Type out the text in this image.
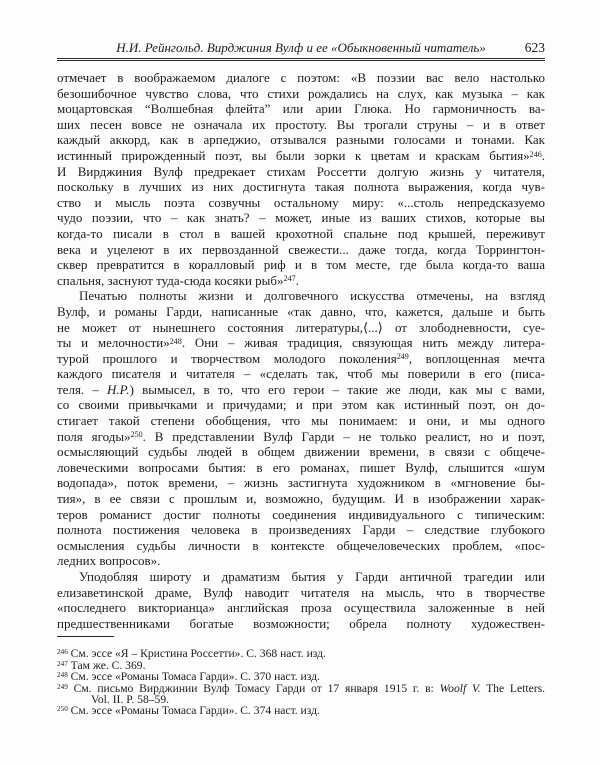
Н.И. Рейнгольд. Вирджиния Вулф и ее «Обыкновенный читатель»	623
отмечает в воображаемом диалоге с поэтом: «В поэзии вас вело настолько
безошибочное чувство слова, что стихи рождались на слух, как музыка – как
моцартовская “Волшебная флейта” или арии Глюка. Но гармоничность ва-
ших песен вовсе не означала их простоту. Вы трогали струны – и в ответ
каждый аккорд, как в арпеджио, отзывался разными голосами и тонами. Как
истинный прирожденный поэт, вы были зорки к цветам и краскам бытия»$^{246}$.
И Вирджиния Вулф предрекает стихам Россетти долгую жизнь у читателя,
поскольку в лучших из них достигнута такая полнота выражения, когда чув-
ство и мысль поэта созвучны остальному миру: «...столь непредсказуемо
чудо поэзии, что – как знать? – может, иные из ваших стихов, которые вы
когда-то писали в стол в вашей крохотной спальне под крышей, переживут
века и уцелеют в их первозданной свежести... даже тогда, когда Торрингтон-
сквер превратится в коралловый риф и в том месте, где была когда-то ваша
спальня, заснуют туда-сюда косяки рыб»$^{247}$.
Печатью полноты жизни и долговечного искусства отмечены, на взгляд
Вулф, и романы Гарди, написанные «так давно, что, кажется, дальше и быть
не может от нынешнего состояния литературы,⟨...⟩ от злободневности, суе-
ты и мелочности»$^{248}$. Они – живая традиция, связующая нить между литера-
турой прошлого и творчеством молодого поколения$^{249}$, воплощенная мечта
каждого писателя и читателя – «сделать так, чтоб мы поверили в его (писа-
теля. – Н.Р.) вымысел, в то, что его герои – такие же люди, как мы с вами,
со своими привычками и причудами; и при этом как истинный поэт, он до-
стигает такой степени обобщения, что мы понимаем: и они, и мы одного
поля ягоды»$^{250}$. В представлении Вулф Гарди – не только реалист, но и поэт,
осмысляющий судьбы людей в общем движении времени, в связи с общече-
ловеческими вопросами бытия: в его романах, пишет Вулф, слышится «шум
водопада», поток времени, – жизнь застигнута художником в «мгновение бы-
тия», в ее связи с прошлым и, возможно, будущим. И в изображении харак-
теров романист достиг полноты соединения индивидуального с типическим:
полнота постижения человека в произведениях Гарди – следствие глубокого
осмысления судьбы личности в контексте общечеловеческих проблем, «пос-
ледних вопросов».
Уподобляя широту и драматизм бытия у Гарди античной трагедии или
елизаветинской драме, Вулф наводит читателя на мысль, что в творчестве
«последнего викторианца» английская проза осуществила заложенные в ней
предшественниками богатые возможности; обрела полноту художествен-
$^{246}$ См. эссе «Я – Кристина Россетти». С. 368 наст. изд.
$^{247}$ Там же. С. 369.
$^{248}$ См. эссе «Романы Томаса Гарди». С. 370 наст. изд.
$^{249}$ См. письмо Вирджинии Вулф Томасу Гарди от 17 января 1915 г. в: Woolf V. The Letters.
Vol. II. P. 58–59.
$^{250}$ См. эссе «Романы Томаса Гарди». С. 374 наст. изд.
